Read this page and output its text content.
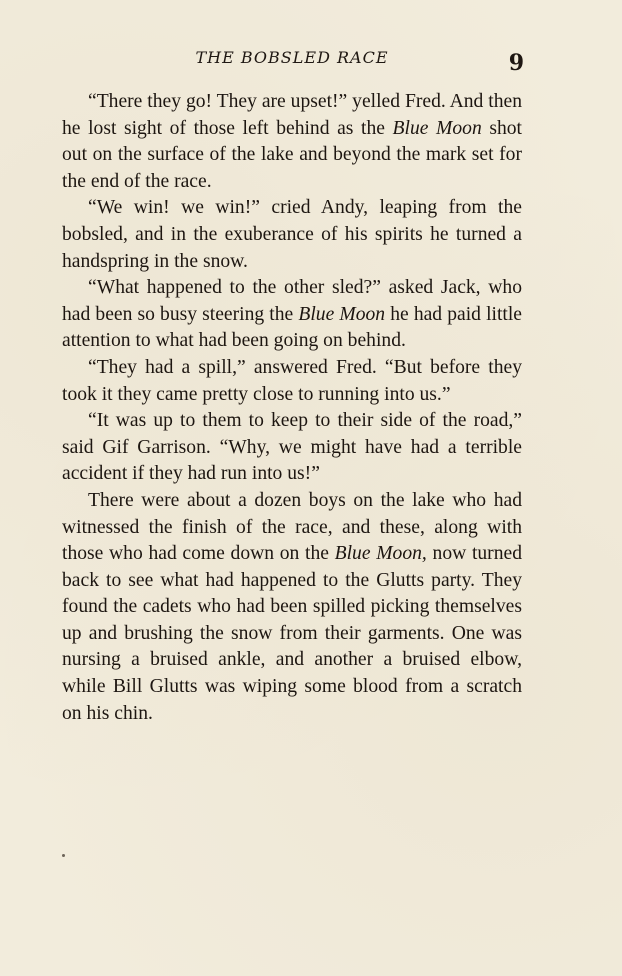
THE BOBSLED RACE	9

“There they go! They are upset!” yelled Fred. And then he lost sight of those left behind as the Blue Moon shot out on the surface of the lake and beyond the mark set for the end of the race.

“We win! we win!” cried Andy, leaping from the bobsled, and in the exuberance of his spirits he turned a handspring in the snow.

“What happened to the other sled?” asked Jack, who had been so busy steering the Blue Moon he had paid little attention to what had been going on behind.

“They had a spill,” answered Fred. “But before they took it they came pretty close to running into us.”

“It was up to them to keep to their side of the road,” said Gif Garrison. “Why, we might have had a terrible accident if they had run into us!”

There were about a dozen boys on the lake who had witnessed the finish of the race, and these, along with those who had come down on the Blue Moon, now turned back to see what had happened to the Glutts party. They found the cadets who had been spilled picking themselves up and brushing the snow from their garments. One was nursing a bruised ankle, and another a bruised elbow, while Bill Glutts was wiping some blood from a scratch on his chin.
